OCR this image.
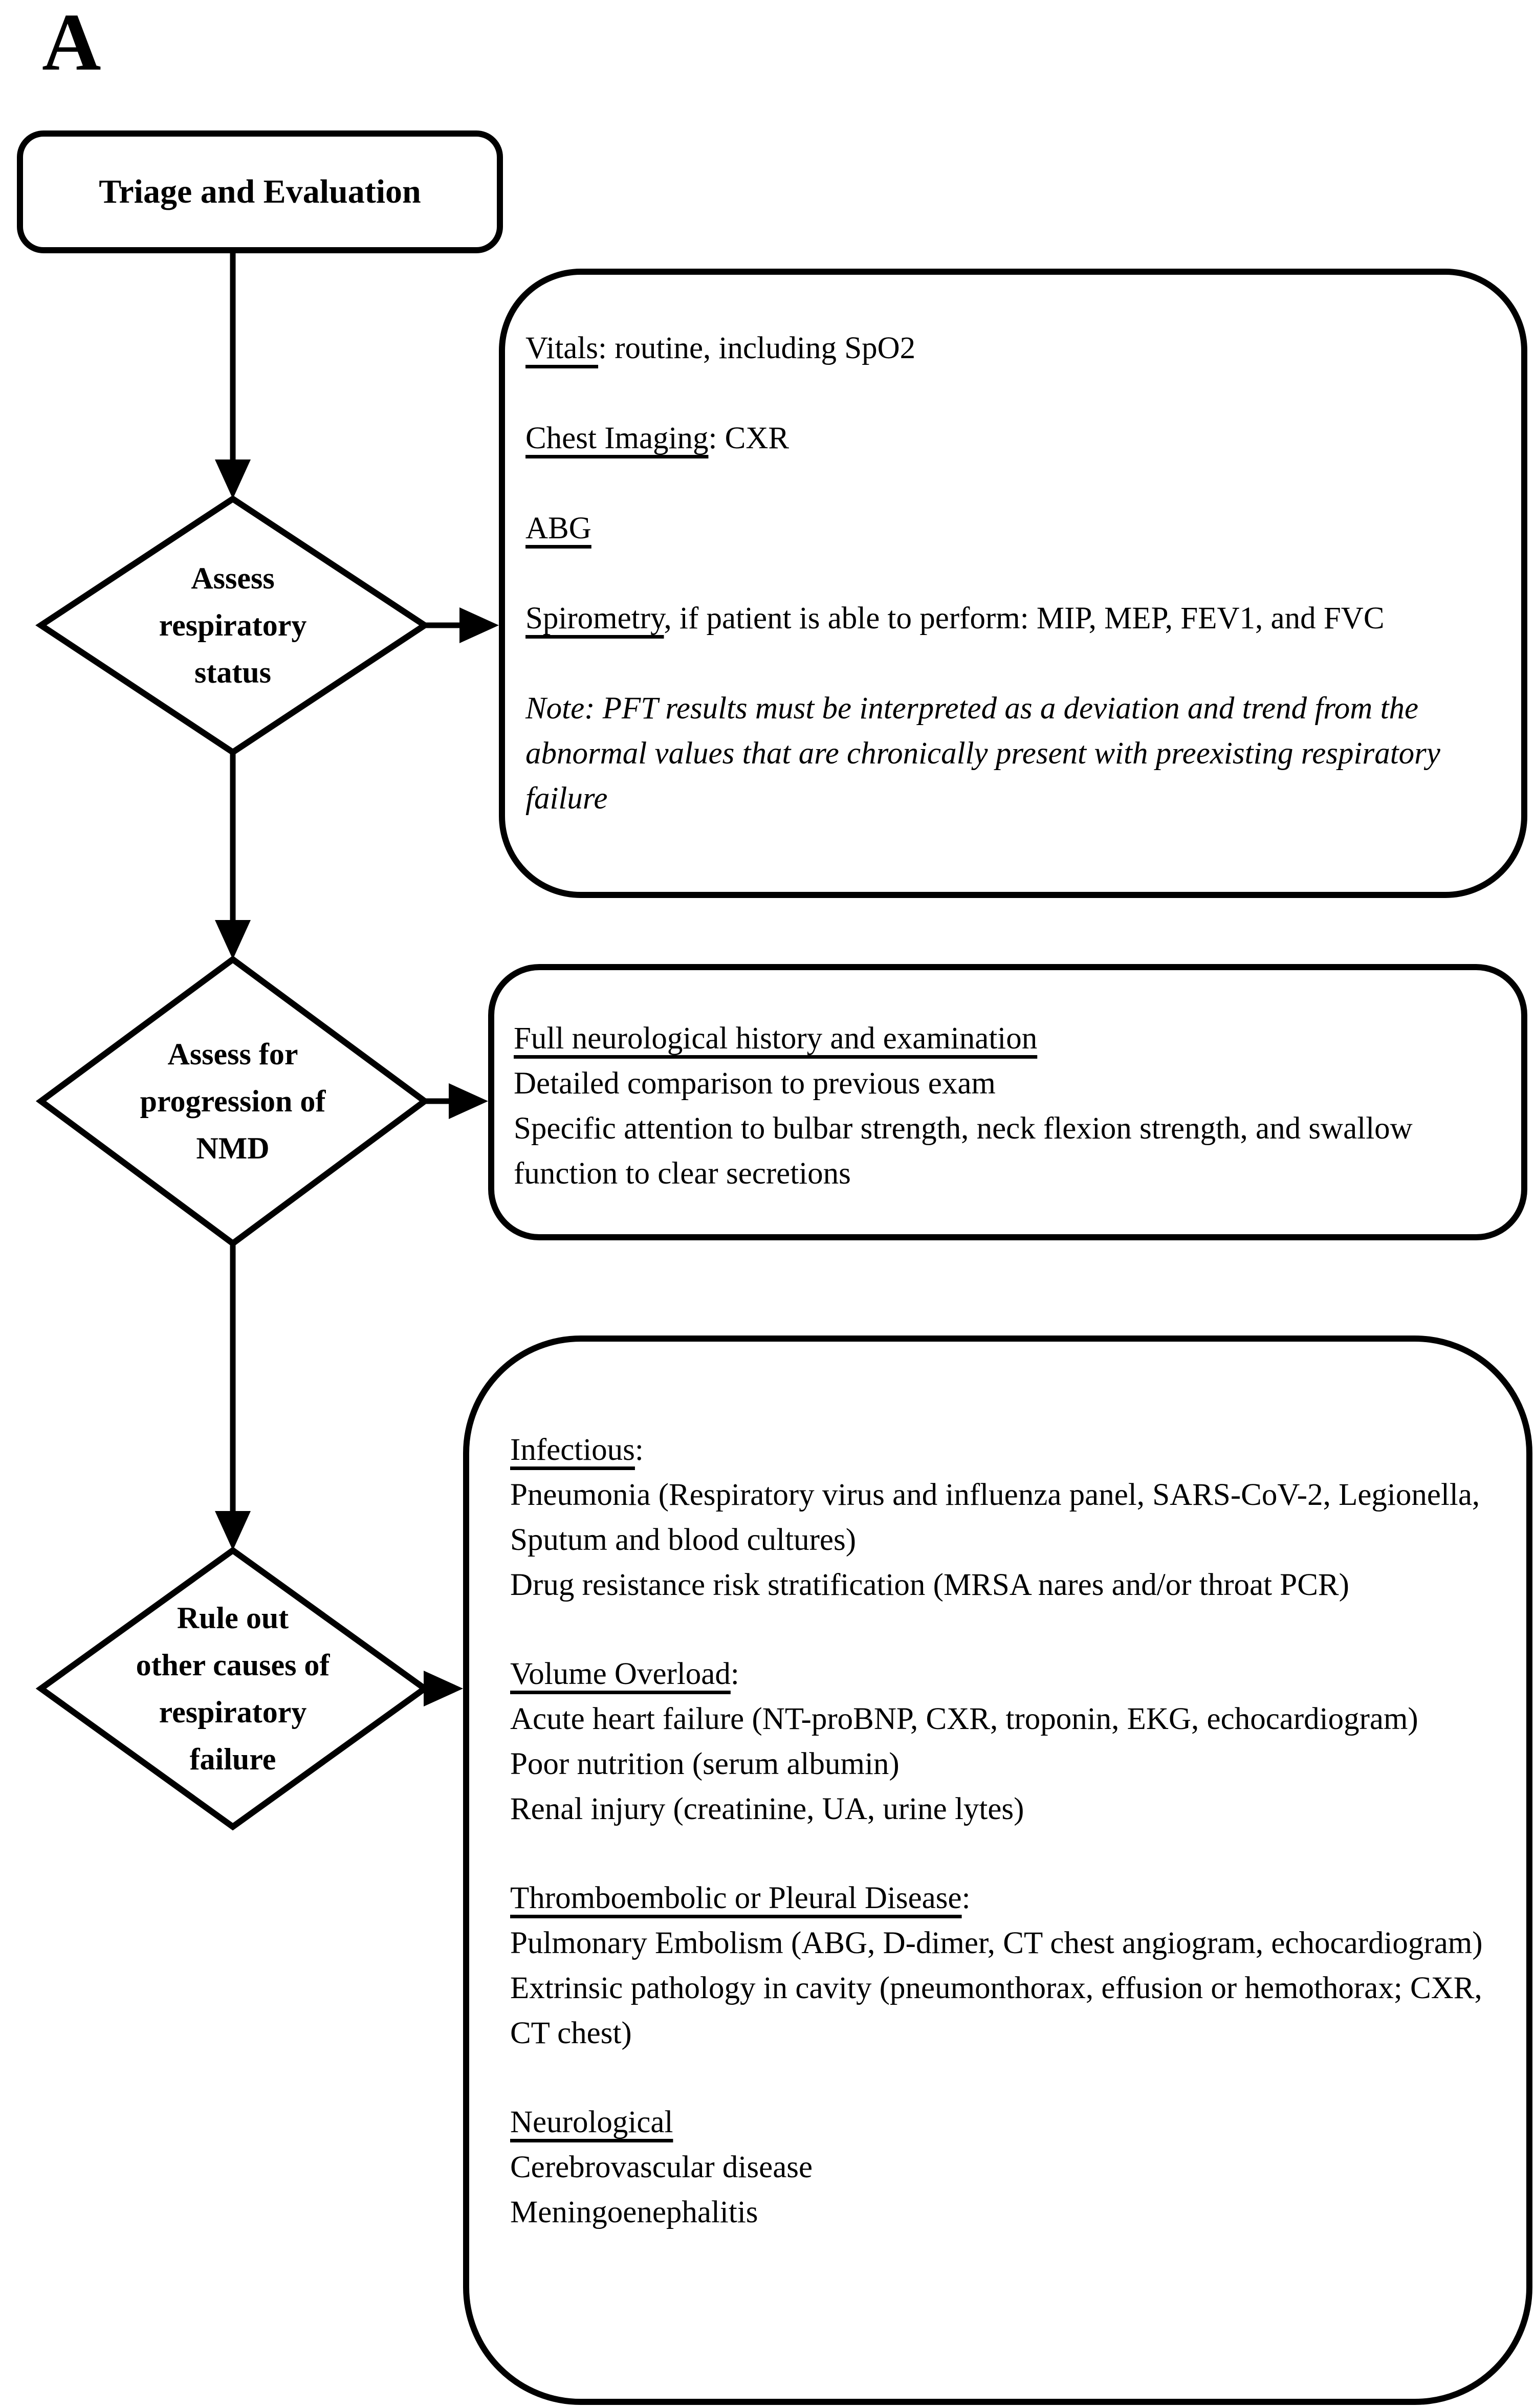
A
Triage and Evaluation
Assess
respiratory
status
Assess for
progression of
NMD
Rule out
other causes of
respiratory
failure
Vitals: routine, including SpO2
Chest Imaging: CXR
ABG
Spirometry, if patient is able to perform: MIP, MEP, FEV1, and FVC
Note: PFT results must be interpreted as a deviation and trend from the abnormal values that are chronically present with preexisting respiratory failure
Full neurological history and examination
Detailed comparison to previous exam
Specific attention to bulbar strength, neck flexion strength, and swallow function to clear secretions
Infectious:
Pneumonia (Respiratory virus and influenza panel, SARS-CoV-2, Legionella, Sputum and blood cultures)
Drug resistance risk stratification (MRSA nares and/or throat PCR)
Volume Overload:
Acute heart failure (NT-proBNP, CXR, troponin, EKG, echocardiogram)
Poor nutrition (serum albumin)
Renal injury (creatinine, UA, urine lytes)
Thromboembolic or Pleural Disease:
Pulmonary Embolism (ABG, D-dimer, CT chest angiogram, echocardiogram)
Extrinsic pathology in cavity (pneumonthorax, effusion or hemothorax; CXR, CT chest)
Neurological
Cerebrovascular disease
Meningoenephalitis
